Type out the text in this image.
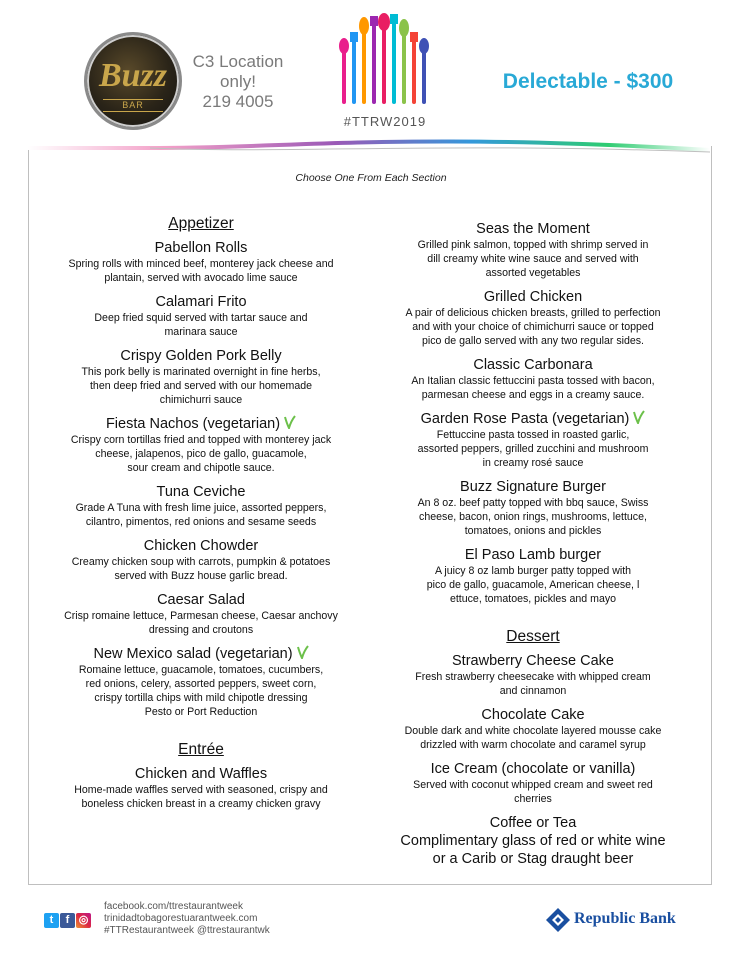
Buzz
BAR
C3 Location
only!
219 4005
#TTRW2019
Delectable - $300
Choose One From Each Section
Appetizer
Pabellon Rolls
Spring rolls with minced beef, monterey jack cheese and
plantain, served with avocado lime sauce
Calamari Frito
Deep fried squid served with tartar sauce and
marinara sauce
Crispy Golden Pork Belly
This pork belly is marinated overnight in fine herbs,
then deep fried and served with our homemade
chimichurri sauce
Fiesta Nachos (vegetarian)
Crispy corn tortillas fried and topped with monterey jack
cheese, jalapenos, pico de gallo, guacamole,
sour cream and chipotle sauce.
Tuna Ceviche
Grade A Tuna with fresh lime juice, assorted peppers,
cilantro, pimentos, red onions and sesame seeds
Chicken Chowder
Creamy chicken soup with carrots, pumpkin & potatoes
served with Buzz house garlic bread.
Caesar Salad
Crisp romaine lettuce, Parmesan cheese, Caesar anchovy
dressing and croutons
New Mexico salad (vegetarian)
Romaine lettuce, guacamole, tomatoes, cucumbers,
red onions, celery, assorted peppers, sweet corn,
crispy tortilla chips with mild chipotle dressing
Pesto or Port Reduction
Entrée
Chicken and Waffles
Home-made waffles served with seasoned, crispy and
boneless chicken breast in a creamy chicken gravy
Seas the Moment
Grilled pink salmon, topped with shrimp served in
dill creamy white wine sauce and served with
assorted vegetables
Grilled Chicken
A pair of delicious chicken breasts, grilled to perfection
and with your choice of chimichurri sauce or topped
pico de gallo served with any two regular sides.
Classic Carbonara
An Italian classic fettuccini pasta tossed with bacon,
parmesan cheese and eggs in a creamy sauce.
Garden Rose Pasta (vegetarian)
Fettuccine pasta tossed in roasted garlic,
assorted peppers, grilled zucchini and mushroom
in creamy rosé sauce
Buzz Signature Burger
An 8 oz. beef patty topped with bbq sauce, Swiss
cheese, bacon, onion rings, mushrooms, lettuce,
tomatoes, onions and pickles
El Paso Lamb burger
A juicy 8 oz lamb burger patty topped with
pico de gallo, guacamole, American cheese, l
ettuce, tomatoes, pickles and mayo
Dessert
Strawberry Cheese Cake
Fresh strawberry cheesecake with whipped cream
and cinnamon
Chocolate Cake
Double dark and white chocolate layered mousse cake
drizzled with warm chocolate and caramel syrup
Ice Cream (chocolate or vanilla)
Served with coconut whipped cream and sweet red
cherries
Coffee or Tea
Complimentary glass of red or white wine
or a Carib or Stag draught beer
t f ◎
facebook.com/ttrestaurantweek
trinidadtobagorestuarantweek.com
#TTRestaurantweek @ttrestaurantwk
Republic Bank
